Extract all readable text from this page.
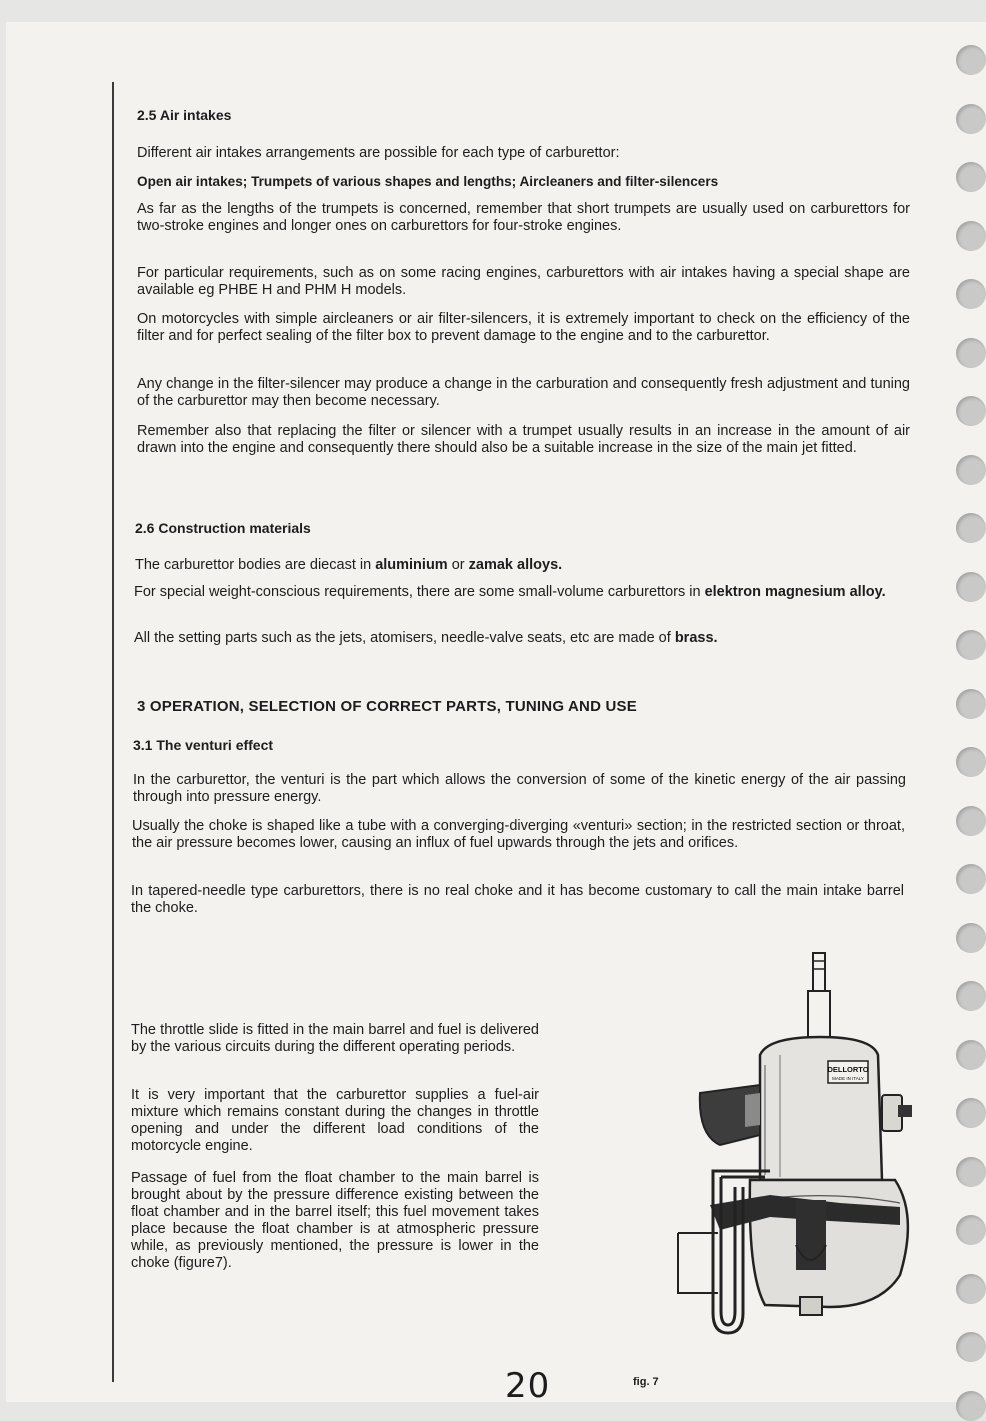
2.5 Air intakes

Different air intakes arrangements are possible for each type of carburettor:

Open air intakes; Trumpets of various shapes and lengths; Aircleaners and filter-silencers

As far as the lengths of the trumpets is concerned, remember that short trumpets are usually used on carburettors for two-stroke engines and longer ones on carburettors for four-stroke engines.

For particular requirements, such as on some racing engines, carburettors with air intakes having a special shape are available eg PHBE H and PHM H models.

On motorcycles with simple aircleaners or air filter-silencers, it is extremely important to check on the efficiency of the filter and for perfect sealing of the filter box to prevent damage to the engine and to the carburettor.

Any change in the filter-silencer may produce a change in the carburation and consequently fresh adjustment and tuning of the carburettor may then become necessary.

Remember also that replacing the filter or silencer with a trumpet usually results in an increase in the amount of air drawn into the engine and consequently there should also be a suitable increase in the size of the main jet fitted.

2.6 Construction materials

The carburettor bodies are diecast in aluminium or zamak alloys.

For special weight-conscious requirements, there are some small-volume carburettors in elektron magnesium alloy.

All the setting parts such as the jets, atomisers, needle-valve seats, etc are made of brass.

3 OPERATION, SELECTION OF CORRECT PARTS, TUNING AND USE
3.1 The venturi effect

In the carburettor, the venturi is the part which allows the conversion of some of the kinetic energy of the air passing through into pressure energy.

Usually the choke is shaped like a tube with a converging-diverging «venturi» section; in the restricted section or throat, the air pressure becomes lower, causing an influx of fuel upwards through the jets and orifices.

In tapered-needle type carburettors, there is no real choke and it has become customary to call the main intake barrel the choke.

The throttle slide is fitted in the main barrel and fuel is delivered by the various circuits during the different operating periods.

It is very important that the carburettor supplies a fuel-air mixture which remains constant during the changes in throttle opening and under the different load conditions of the motorcycle engine.

Passage of fuel from the float chamber to the main barrel is brought about by the pressure difference existing between the float chamber and in the barrel itself; this fuel movement takes place because the float chamber is at atmospheric pressure while, as previously mentioned, the pressure is lower in the choke (figure7).

DELLORTO
MADE IN ITALY
20	fig. 7
